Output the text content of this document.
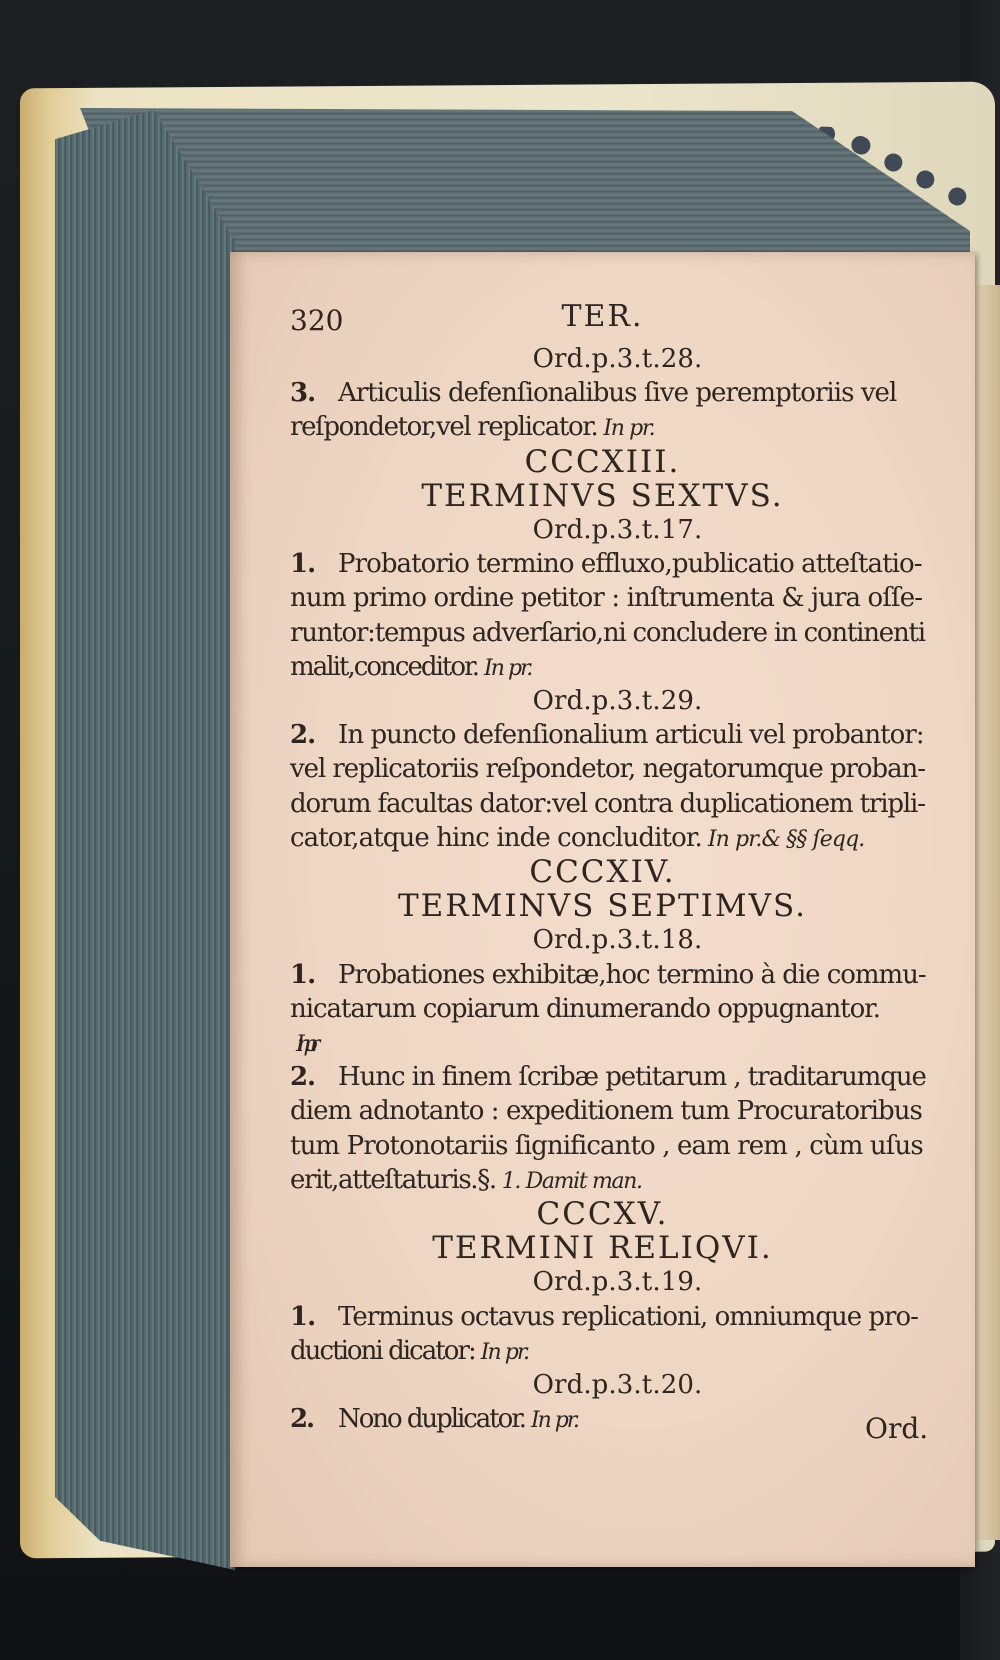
320	TER.
Ord.p.3.t.28.
3. Articulis defenſionalibus ſive peremptoriis vel
reſpondetor,vel replicator. In pr.
CCCXIII.
TERMINVS SEXTVS.
Ord.p.3.t.17.
1. Probatorio termino effluxo,publicatio atteſtatio-
num primo ordine petitor : inſtrumenta & jura oſſe-
runtor:tempus adverſario,ni concludere in continenti
malit,conceditor. In pr.
Ord.p.3.t.29.
2. In puncto defenſionalium articuli vel probantor:
vel replicatoriis reſpondetor, negatorumque proban-
dorum facultas dator:vel contra duplicationem tripli-
cator,atque hinc inde concluditor. In pr.& §§ ſeqq.
CCCXIV.
TERMINVS SEPTIMVS.
Ord.p.3.t.18.
1. Probationes exhibitæ,hoc termino à die commu-
nicatarum copiarum dinumerando oppugnantor.
In pr.
2. Hunc in finem ſcribæ petitarum , traditarumque
diem adnotanto : expeditionem tum Procuratoribus
tum Protonotariis ſignificanto , eam rem , cùm uſus
erit,atteſtaturis.§. 1. Damit man.
CCCXV.
TERMINI RELIQVI.
Ord.p.3.t.19.
1. Terminus octavus replicationi, omniumque pro-
ductioni dicator: In pr.
Ord.p.3.t.20.
2. Nono duplicator. In pr.	Ord.
